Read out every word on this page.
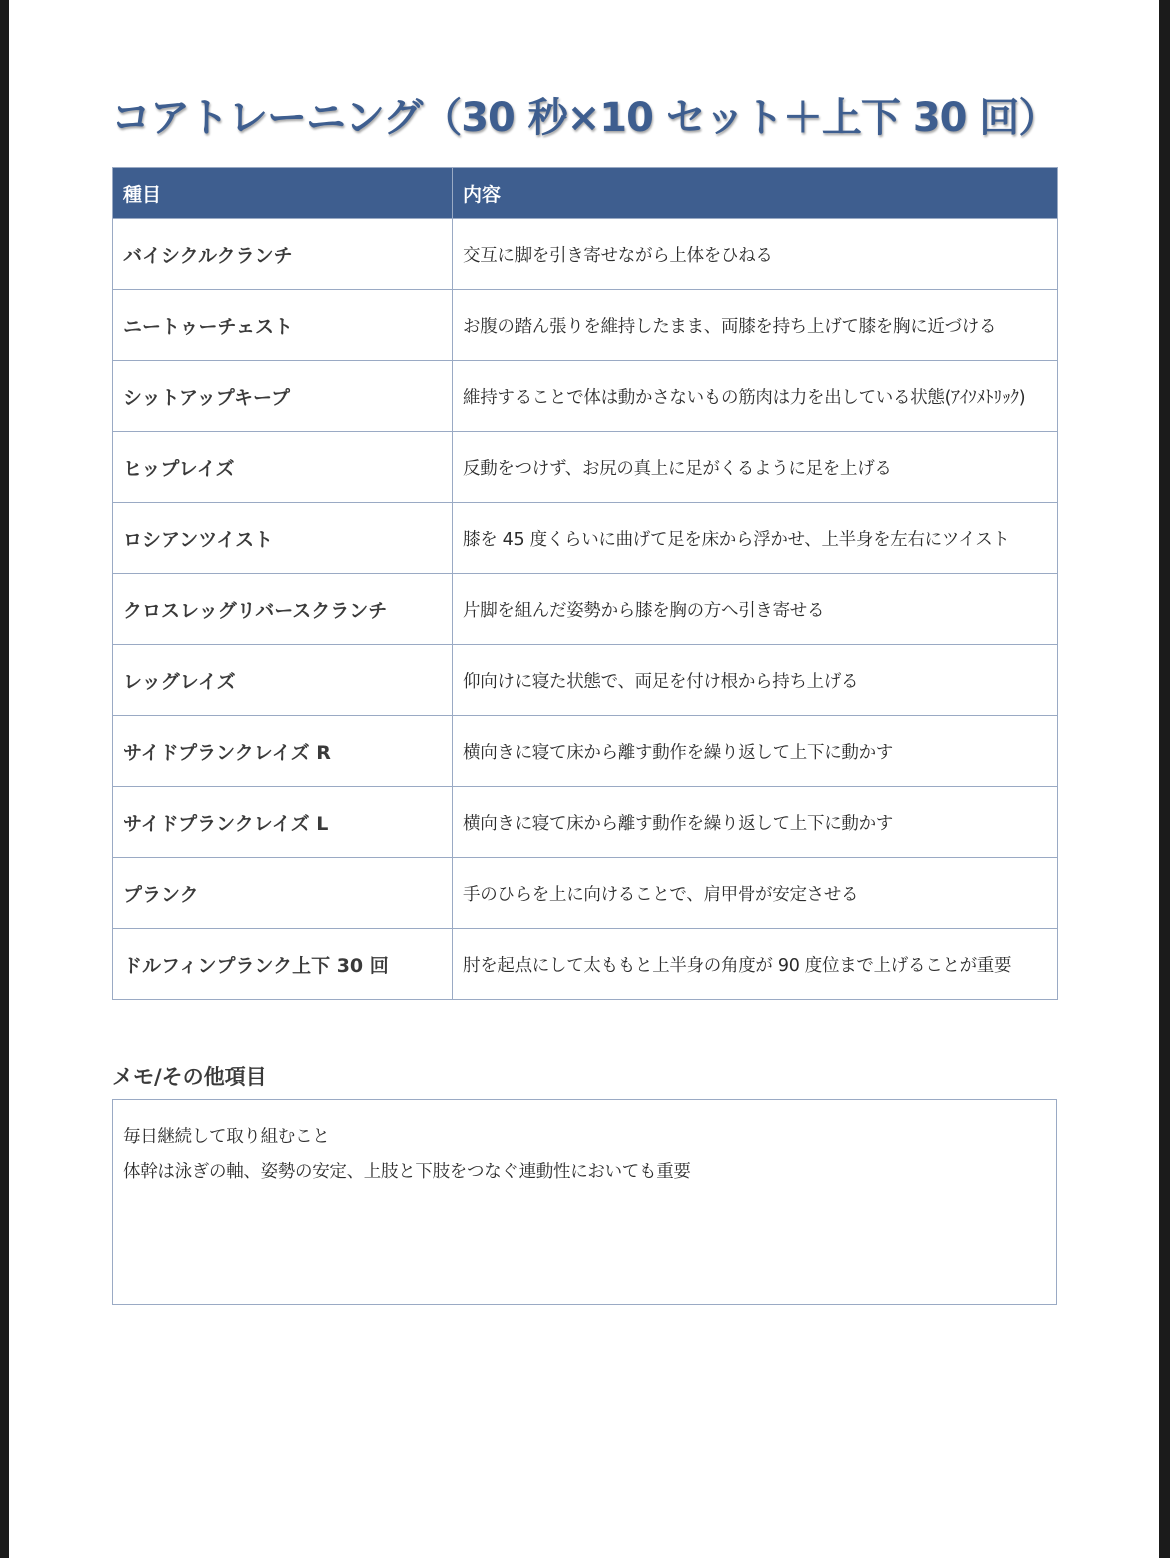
コアトレーニング（30 秒×10 セット＋上下 30 回）
種目	内容
バイシクルクランチ	交互に脚を引き寄せながら上体をひねる
ニートゥーチェスト	お腹の踏ん張りを維持したまま、両膝を持ち上げて膝を胸に近づける
シットアップキープ	維持することで体は動かさないもの筋肉は力を出している状態(ｱｲｿﾒﾄﾘｯｸ)
ヒップレイズ	反動をつけず、お尻の真上に足がくるように足を上げる
ロシアンツイスト	膝を 45 度くらいに曲げて足を床から浮かせ、上半身を左右にツイスト
クロスレッグリバースクランチ	片脚を組んだ姿勢から膝を胸の方へ引き寄せる
レッグレイズ	仰向けに寝た状態で、両足を付け根から持ち上げる
サイドプランクレイズ R	横向きに寝て床から離す動作を繰り返して上下に動かす
サイドプランクレイズ L	横向きに寝て床から離す動作を繰り返して上下に動かす
プランク	手のひらを上に向けることで、肩甲骨が安定させる
ドルフィンプランク上下 30 回	肘を起点にして太ももと上半身の角度が 90 度位まで上げることが重要
メモ/その他項目
毎日継続して取り組むこと
体幹は泳ぎの軸、姿勢の安定、上肢と下肢をつなぐ連動性においても重要
